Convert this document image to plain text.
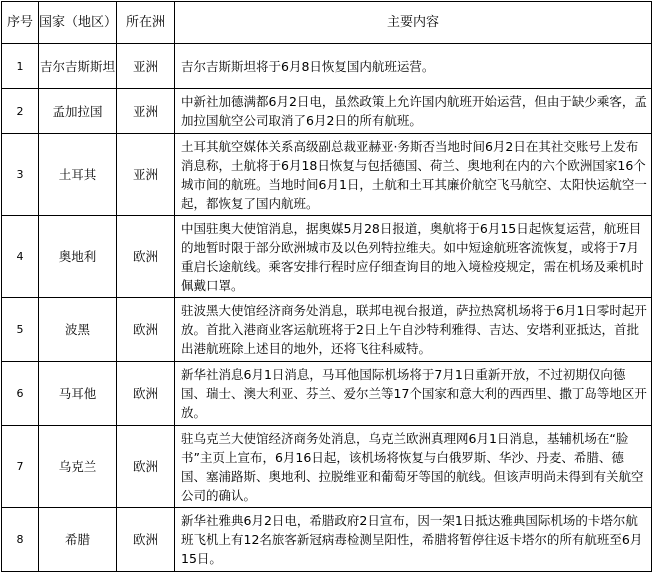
序号	国家（地区）	所在洲	主要内容
1	吉尔吉斯斯坦	亚洲	吉尔吉斯斯坦将于6月8日恢复国内航班运营。
2	孟加拉国	亚洲	中新社加德满都6月2日电，虽然政策上允许国内航班开始运营，但由于缺少乘客，孟加拉国航空公司取消了6月2日的所有航班。
3	土耳其	亚洲	土耳其航空媒体关系高级副总裁亚赫亚·务斯否当地时间6月2日在其社交账号上发布消息称，土航将于6月18日恢复与包括德国、荷兰、奥地利在内的六个欧洲国家16个城市间的航班。当地时间6月1日，土航和土耳其廉价航空飞马航空、太阳快运航空一起，都恢复了国内航班。
4	奥地利	欧洲	中国驻奥大使馆消息，据奥媒5月28日报道，奥航将于6月15日起恢复运营，航班目的地暂时限于部分欧洲城市及以色列特拉维夫。如中短途航班客流恢复，或将于7月重启长途航线。乘客安排行程时应仔细查询目的地入境检疫规定，需在机场及乘机时佩戴口罩。
5	波黑	欧洲	驻波黑大使馆经济商务处消息，联邦电视台报道，萨拉热窝机场将于6月1日零时起开放。首批入港商业客运航班将于2日上午自沙特利雅得、吉达、安塔利亚抵达，首批出港航班除上述目的地外，还将飞往科威特。
6	马耳他	欧洲	新华社消息6月1日消息，马耳他国际机场将于7月1日重新开放，不过初期仅向德国、瑞士、澳大利亚、芬兰、爱尔兰等17个国家和意大利的西西里、撒丁岛等地区开放。
7	乌克兰	欧洲	驻乌克兰大使馆经济商务处消息，乌克兰欧洲真理网6月1日消息，基辅机场在“脸书”主页上宣布，6月16日起，该机场将恢复与白俄罗斯、华沙、丹麦、希腊、德国、塞浦路斯、奥地利、拉脱维亚和葡萄牙等国的航线。但该声明尚未得到有关航空公司的确认。
8	希腊	欧洲	新华社雅典6月2日电，希腊政府2日宣布，因一架1日抵达雅典国际机场的卡塔尔航班飞机上有12名旅客新冠病毒检测呈阳性，希腊将暂停往返卡塔尔的所有航班至6月15日。
